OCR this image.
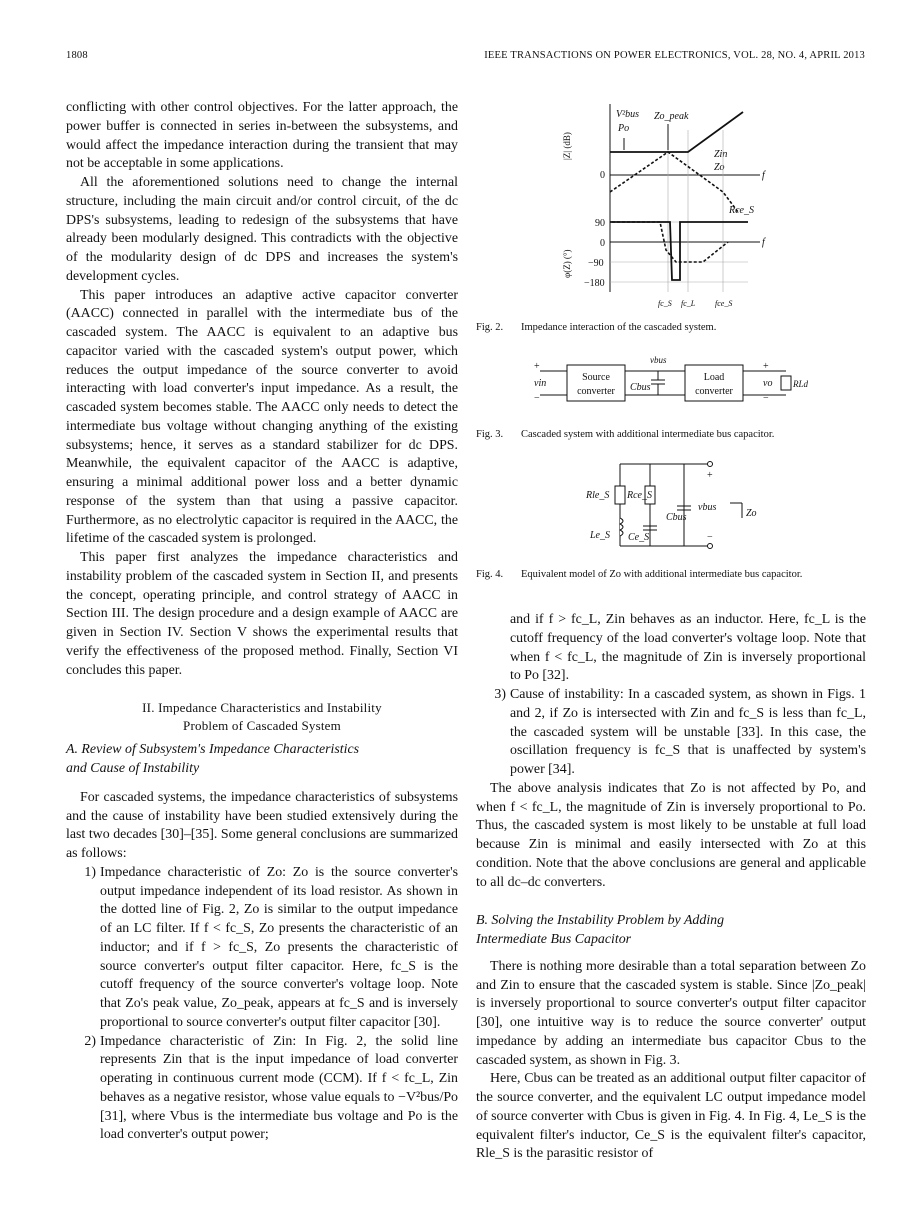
1808	IEEE TRANSACTIONS ON POWER ELECTRONICS, VOL. 28, NO. 4, APRIL 2013

conflicting with other control objectives. For the latter approach, the power buffer is connected in series in-between the subsystems, and would affect the impedance interaction during the transient that may not be acceptable in some applications.

All the aforementioned solutions need to change the internal structure, including the main circuit and/or control circuit, of the dc DPS's subsystems, leading to redesign of the subsystems that have already been modularly designed. This contradicts with the objective of the modularity design of dc DPS and increases the system's development cycles.

This paper introduces an adaptive active capacitor converter (AACC) connected in parallel with the intermediate bus of the cascaded system. The AACC is equivalent to an adaptive bus capacitor varied with the cascaded system's output power, which reduces the output impedance of the source converter to avoid interacting with load converter's input impedance. As a result, the cascaded system becomes stable. The AACC only needs to detect the intermediate bus voltage without changing anything of the existing subsystems; hence, it serves as a standard stabilizer for dc DPS. Meanwhile, the equivalent capacitor of the AACC is adaptive, ensuring a minimal additional power loss and a better dynamic response of the system than that using a passive capacitor. Furthermore, as no electrolytic capacitor is required in the AACC, the lifetime of the cascaded system is prolonged.

This paper first analyzes the impedance characteristics and instability problem of the cascaded system in Section II, and presents the concept, operating principle, and control strategy of AACC in Section III. The design procedure and a design example of AACC are given in Section IV. Section V shows the experimental results that verify the effectiveness of the proposed method. Finally, Section VI concludes this paper.

II. Impedance Characteristics and Instability
Problem of Cascaded System

A. Review of Subsystem's Impedance Characteristics
and Cause of Instability

For cascaded systems, the impedance characteristics of subsystems and the cause of instability have been studied extensively during the last two decades [30]–[35]. Some general conclusions are summarized as follows:

1) Impedance characteristic of Zo: Zo is the source converter's output impedance independent of its load resistor. As shown in the dotted line of Fig. 2, Zo is similar to the output impedance of an LC filter. If f < fc_S, Zo presents the characteristic of an inductor; and if f > fc_S, Zo presents the characteristic of source converter's output filter capacitor. Here, fc_S is the cutoff frequency of the source converter's voltage loop. Note that Zo's peak value, Zo_peak, appears at fc_S and is inversely proportional to source converter's output filter capacitor [30].
2) Impedance characteristic of Zin: In Fig. 2, the solid line represents Zin that is the input impedance of load converter operating in continuous current mode (CCM). If f < fc_L, Zin behaves as a negative resistor, whose value equals to −V²bus/Po [31], where Vbus is the intermediate bus voltage and Po is the load converter's output power;
|Z| (dB)
φ(Z) (°)
V²bus
Po
Zo_peak
Zin
Zo
Rce_S
0	f
f
90
0
−90
−180
fc_S fc_L fce_S
Fig. 2. Impedance interaction of the cascaded system.
+
vin
−
Source
converter
Load
converter
vbus
Cbus
+
vo
−
RLd
Fig. 3. Cascaded system with additional intermediate bus capacitor.
Rle_S Rce_S
Le_S Ce_S
Cbus
vbus
Zo
+
−
Fig. 4. Equivalent model of Zo with additional intermediate bus capacitor.
and if f > fc_L, Zin behaves as an inductor. Here, fc_L is the cutoff frequency of the load converter's voltage loop. Note that when f < fc_L, the magnitude of Zin is inversely proportional to Po [32].
3) Cause of instability: In a cascaded system, as shown in Figs. 1 and 2, if Zo is intersected with Zin and fc_S is less than fc_L, the cascaded system will be unstable [33]. In this case, the oscillation frequency is fc_S that is unaffected by system's power [34].

The above analysis indicates that Zo is not affected by Po, and when f < fc_L, the magnitude of Zin is inversely proportional to Po. Thus, the cascaded system is most likely to be unstable at full load because Zin is minimal and easily intersected with Zo at this condition. Note that the above conclusions are general and applicable to all dc–dc converters.

B. Solving the Instability Problem by Adding
Intermediate Bus Capacitor

There is nothing more desirable than a total separation between Zo and Zin to ensure that the cascaded system is stable. Since |Zo_peak| is inversely proportional to source converter's output filter capacitor [30], one intuitive way is to reduce the source converter' output impedance by adding an intermediate bus capacitor Cbus to the cascaded system, as shown in Fig. 3.

Here, Cbus can be treated as an additional output filter capacitor of the source converter, and the equivalent LC output impedance model of source converter with Cbus is given in Fig. 4. In Fig. 4, Le_S is the equivalent filter's inductor, Ce_S is the equivalent filter's capacitor, Rle_S is the parasitic resistor of
